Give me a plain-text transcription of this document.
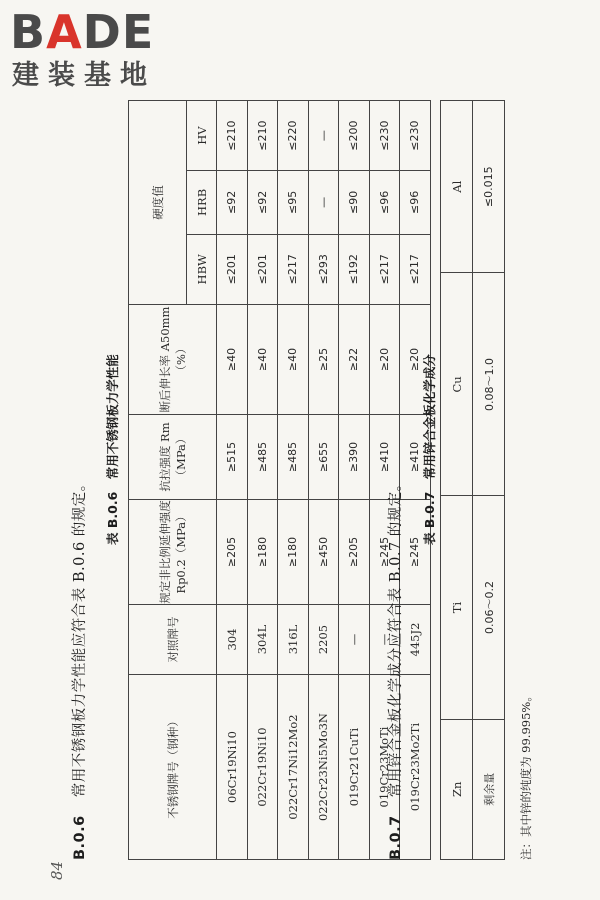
BADE
建装基地
84
B.0.6常用不锈钢板力学性能应符合表 B.0.6 的规定。
表 B.0.6　常用不锈钢板力学性能
不锈钢牌号（钢种）	对照牌号	规定非比例延伸强度 Rp0.2（MPa）	抗拉强度 Rm（MPa）	断后伸长率 A50mm（%）	硬度值		
					HBW	HRB	HV
06Cr19Ni10	304	≥205	≥515	≥40	≤201	≤92	≤210
022Cr19Ni10	304L	≥180	≥485	≥40	≤201	≤92	≤210
022Cr17Ni12Mo2	316L	≥180	≥485	≥40	≤217	≤95	≤220
022Cr23Ni5Mo3N	2205	≥450	≥655	≥25	≤293	—	—
019Cr21CuTi	—	≥205	≥390	≥22	≤192	≤90	≤200
019Cr23MoTi	—	≥245	≥410	≥20	≤217	≤96	≤230
019Cr23Mo2Ti	445J2	≥245	≥410	≥20	≤217	≤96	≤230
B.0.7常用锌合金板化学成分应符合表 B.0.7 的规定。
表 B.0.7　常用锌合金板化学成分
Zn	Ti	Cu	Al
剩余量	0.06～0.2	0.08～1.0	≤0.015
注：其中锌的纯度为 99.995%。
